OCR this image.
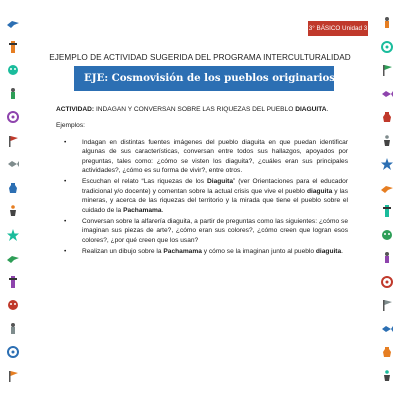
3° BÁSICO Unidad 3
EJEMPLO DE ACTIVIDAD SUGERIDA DEL PROGRAMA INTERCULTURALIDAD
EJE: Cosmovisión de los pueblos originarios.
ACTIVIDAD: INDAGAN Y CONVERSAN SOBRE LAS RIQUEZAS DEL PUEBLO DIAGUITA.
Ejemplos:
• Indagan en distintas fuentes imágenes del pueblo diaguita en que puedan identificar algunas de sus características, conversan entre todos sus hallazgos, apoyados por preguntas, tales como: ¿cómo se visten los diaguita?, ¿cuáles eran sus principales actividades?, ¿cómo es su forma de vivir?, entre otros.
• Escuchan el relato “Las riquezas de los Diaguita” (ver Orientaciones para el educador tradicional y/o docente) y comentan sobre la actual crisis que vive el pueblo diaguita y las mineras, y acerca de las riquezas del territorio y la mirada que tiene el pueblo sobre el cuidado de la Pachamama.
• Conversan sobre la alfarería diaguita, a partir de preguntas como las siguientes: ¿cómo se imaginan sus piezas de arte?, ¿cómo eran sus colores?, ¿cómo creen que logran esos colores?, ¿por qué creen que los usan?
• Realizan un dibujo sobre la Pachamama y cómo se la imaginan junto al pueblo diaguita.
